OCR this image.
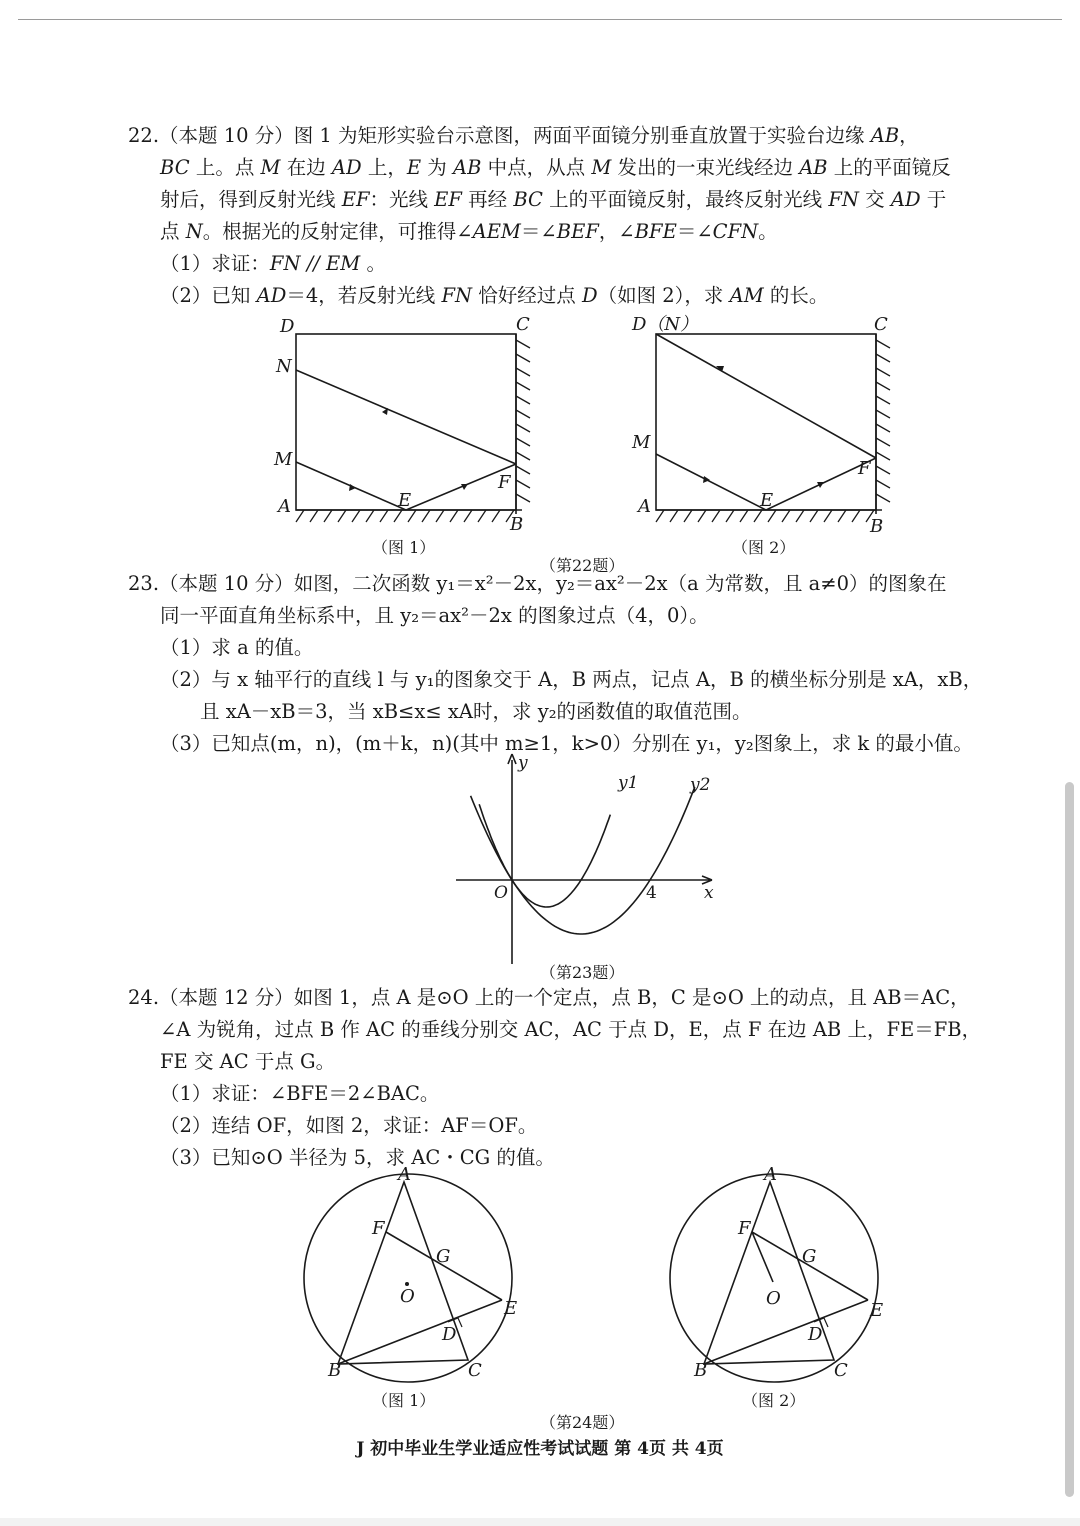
22.（本题 10 分）图 1 为矩形实验台示意图，两面平面镜分别垂直放置于实验台边缘 AB，
BC 上。点 M 在边 AD 上，E 为 AB 中点，从点 M 发出的一束光线经边 AB 上的平面镜反
射后，得到反射光线 EF：光线 EF 再经 BC 上的平面镜反射，最终反射光线 FN 交 AD 于
点 N。根据光的反射定律，可推得∠AEM＝∠BEF，∠BFE＝∠CFN。
（1）求证：FN // EM 。
（2）已知 AD＝4，若反射光线 FN 恰好经过点 D（如图 2），求 AM 的长。
D	C
N
M
A	E
F
B
D（N）	C
M
A	E
F
B
（图 1）	（图 2）
（第22题）
23.（本题 10 分）如图，二次函数 y₁＝x²－2x，y₂＝ax²－2x（a 为常数，且 a≠0）的图象在
同一平面直角坐标系中，且 y₂＝ax²－2x 的图象过点（4，0）。
（1）求 a 的值。
（2）与 x 轴平行的直线 l 与 y₁的图象交于 A，B 两点，记点 A，B 的横坐标分别是 xA，xB，
且 xA－xB＝3，当 xB≤x≤ xA时，求 y₂的函数值的取值范围。
（3）已知点(m，n)，(m＋k，n)(其中 m≥1，k>0）分别在 y₁，y₂图象上，求 k 的最小值。
y
x
O	4
y1	y2
（第23题）
24.（本题 12 分）如图 1，点 A 是⊙O 上的一个定点，点 B，C 是⊙O 上的动点，且 AB＝AC，
∠A 为锐角，过点 B 作 AC 的垂线分别交 AC，AC 于点 D，E，点 F 在边 AB 上，FE＝FB，
FE 交 AC 于点 G。
（1）求证：∠BFE＝2∠BAC。
（2）连结 OF，如图 2，求证：AF＝OF。
（3）已知⊙O 半径为 5，求 AC・CG 的值。
A
F
G
O
E
D
B	C
A
F
G
O
E
D
B	C
（图 1）	（图 2）
（第24题）
J 初中毕业生学业适应性考试试题 第 4页 共 4页
